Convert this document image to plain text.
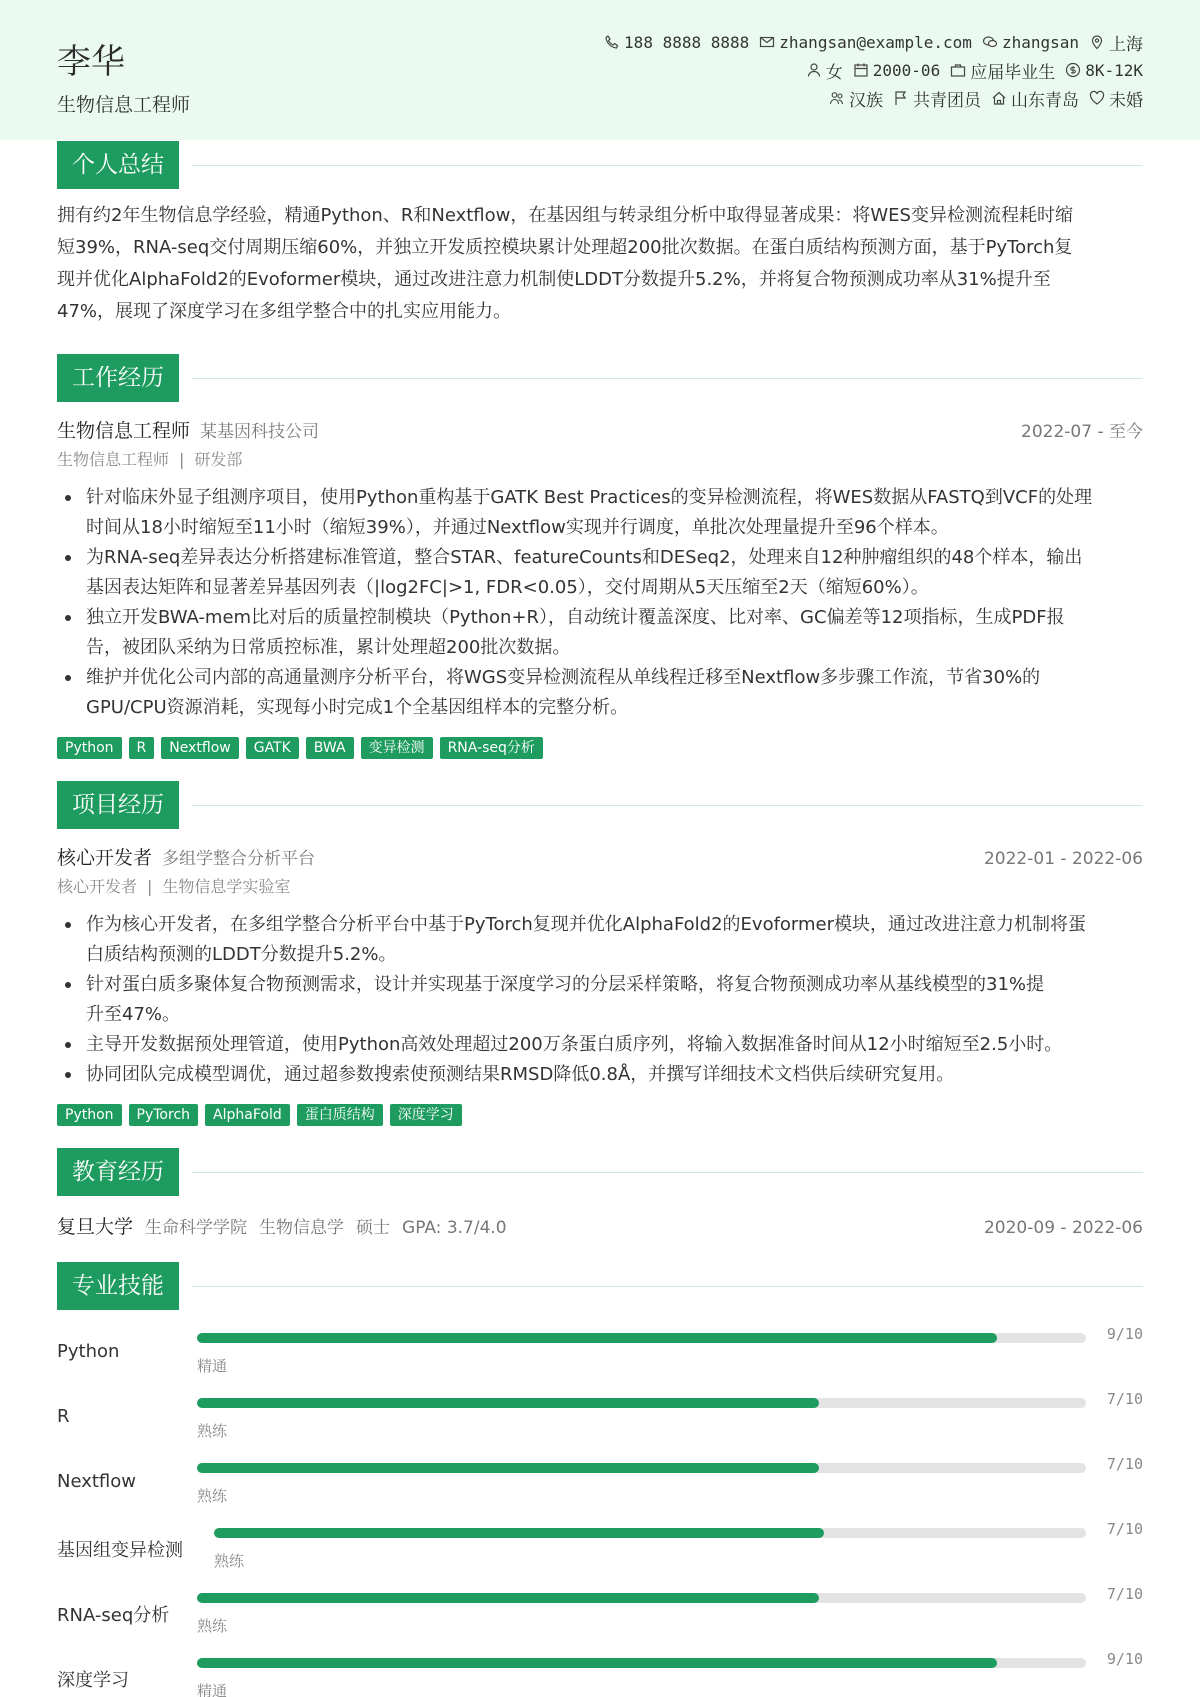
李华
生物信息工程师
188 8888 8888 zhangsan@example.com zhangsan 上海
女 2000-06 应届毕业生 8K-12K
汉族 共青团员 山东青岛 未婚
个人总结
拥有约2年生物信息学经验，精通Python、R和Nextflow，在基因组与转录组分析中取得显著成果：将WES变异检测流程耗时缩
短39%，RNA-seq交付周期压缩60%，并独立开发质控模块累计处理超200批次数据。在蛋白质结构预测方面，基于PyTorch复
现并优化AlphaFold2的Evoformer模块，通过改进注意力机制使LDDT分数提升5.2%，并将复合物预测成功率从31%提升至
47%，展现了深度学习在多组学整合中的扎实应用能力。
工作经历
生物信息工程师 某基因科技公司	2022-07 - 至今
生物信息工程师 | 研发部
针对临床外显子组测序项目，使用Python重构基于GATK Best Practices的变异检测流程，将WES数据从FASTQ到VCF的处理
时间从18小时缩短至11小时（缩短39%），并通过Nextflow实现并行调度，单批次处理量提升至96个样本。
为RNA-seq差异表达分析搭建标准管道，整合STAR、featureCounts和DESeq2，处理来自12种肿瘤组织的48个样本，输出
基因表达矩阵和显著差异基因列表（|log2FC|>1, FDR<0.05），交付周期从5天压缩至2天（缩短60%）。
独立开发BWA-mem比对后的质量控制模块（Python+R），自动统计覆盖深度、比对率、GC偏差等12项指标，生成PDF报
告，被团队采纳为日常质控标准，累计处理超200批次数据。
维护并优化公司内部的高通量测序分析平台，将WGS变异检测流程从单线程迁移至Nextflow多步骤工作流，节省30%的
GPU/CPU资源消耗，实现每小时完成1个全基因组样本的完整分析。
Python	R	Nextflow	GATK	BWA	变异检测	RNA-seq分析
项目经历
核心开发者 多组学整合分析平台	2022-01 - 2022-06
核心开发者 | 生物信息学实验室
作为核心开发者，在多组学整合分析平台中基于PyTorch复现并优化AlphaFold2的Evoformer模块，通过改进注意力机制将蛋
白质结构预测的LDDT分数提升5.2%。
针对蛋白质多聚体复合物预测需求，设计并实现基于深度学习的分层采样策略，将复合物预测成功率从基线模型的31%提
升至47%。
主导开发数据预处理管道，使用Python高效处理超过200万条蛋白质序列，将输入数据准备时间从12小时缩短至2.5小时。
协同团队完成模型调优，通过超参数搜索使预测结果RMSD降低0.8Å，并撰写详细技术文档供后续研究复用。
Python	PyTorch	AlphaFold	蛋白质结构	深度学习
教育经历
复旦大学 生命科学学院 生物信息学 硕士 GPA: 3.7/4.0	2020-09 - 2022-06
专业技能
Python
精通
9/10
R
熟练
7/10
Nextflow
熟练
7/10
基因组变异检测 熟练
7/10
RNA-seq分析 熟练
7/10
深度学习	精通
9/10
